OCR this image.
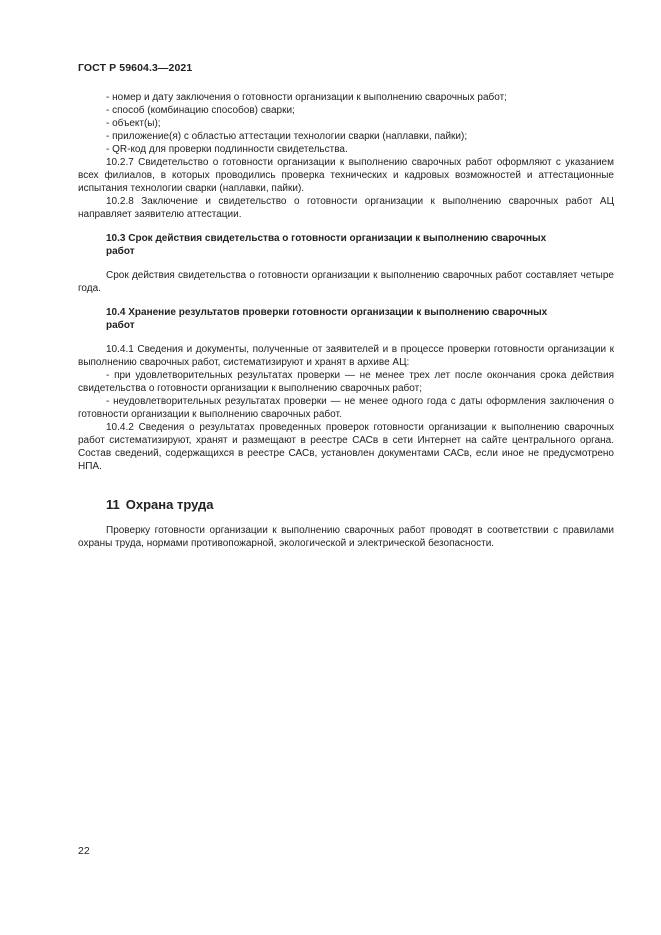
ГОСТ Р 59604.3—2021

- номер и дату заключения о готовности организации к выполнению сварочных работ;

- способ (комбинацию способов) сварки;

- объект(ы);

- приложение(я) с областью аттестации технологии сварки (наплавки, пайки);

- QR-код для проверки подлинности свидетельства.

10.2.7 Свидетельство о готовности организации к выполнению сварочных работ оформляют с указанием всех филиалов, в которых проводились проверка технических и кадровых возможностей и аттестационные испытания технологии сварки (наплавки, пайки).

10.2.8 Заключение и свидетельство о готовности организации к выполнению сварочных работ АЦ направляет заявителю аттестации.

10.3 Срок действия свидетельства о готовности организации к выполнению сварочных
работ

Срок действия свидетельства о готовности организации к выполнению сварочных работ составляет четыре года.

10.4 Хранение результатов проверки готовности организации к выполнению сварочных
работ

10.4.1 Сведения и документы, полученные от заявителей и в процессе проверки готовности организации к выполнению сварочных работ, систематизируют и хранят в архиве АЦ:

- при удовлетворительных результатах проверки — не менее трех лет после окончания срока действия свидетельства о готовности организации к выполнению сварочных работ;

- неудовлетворительных результатах проверки — не менее одного года с даты оформления заключения о готовности организации к выполнению сварочных работ.

10.4.2 Сведения о результатах проведенных проверок готовности организации к выполнению сварочных работ систематизируют, хранят и размещают в реестре САСв в сети Интернет на сайте центрального органа. Состав сведений, содержащихся в реестре САСв, установлен документами САСв, если иное не предусмотрено НПА.

11 Охрана труда

Проверку готовности организации к выполнению сварочных работ проводят в соответствии с правилами охраны труда, нормами противопожарной, экологической и электрической безопасности.

22
